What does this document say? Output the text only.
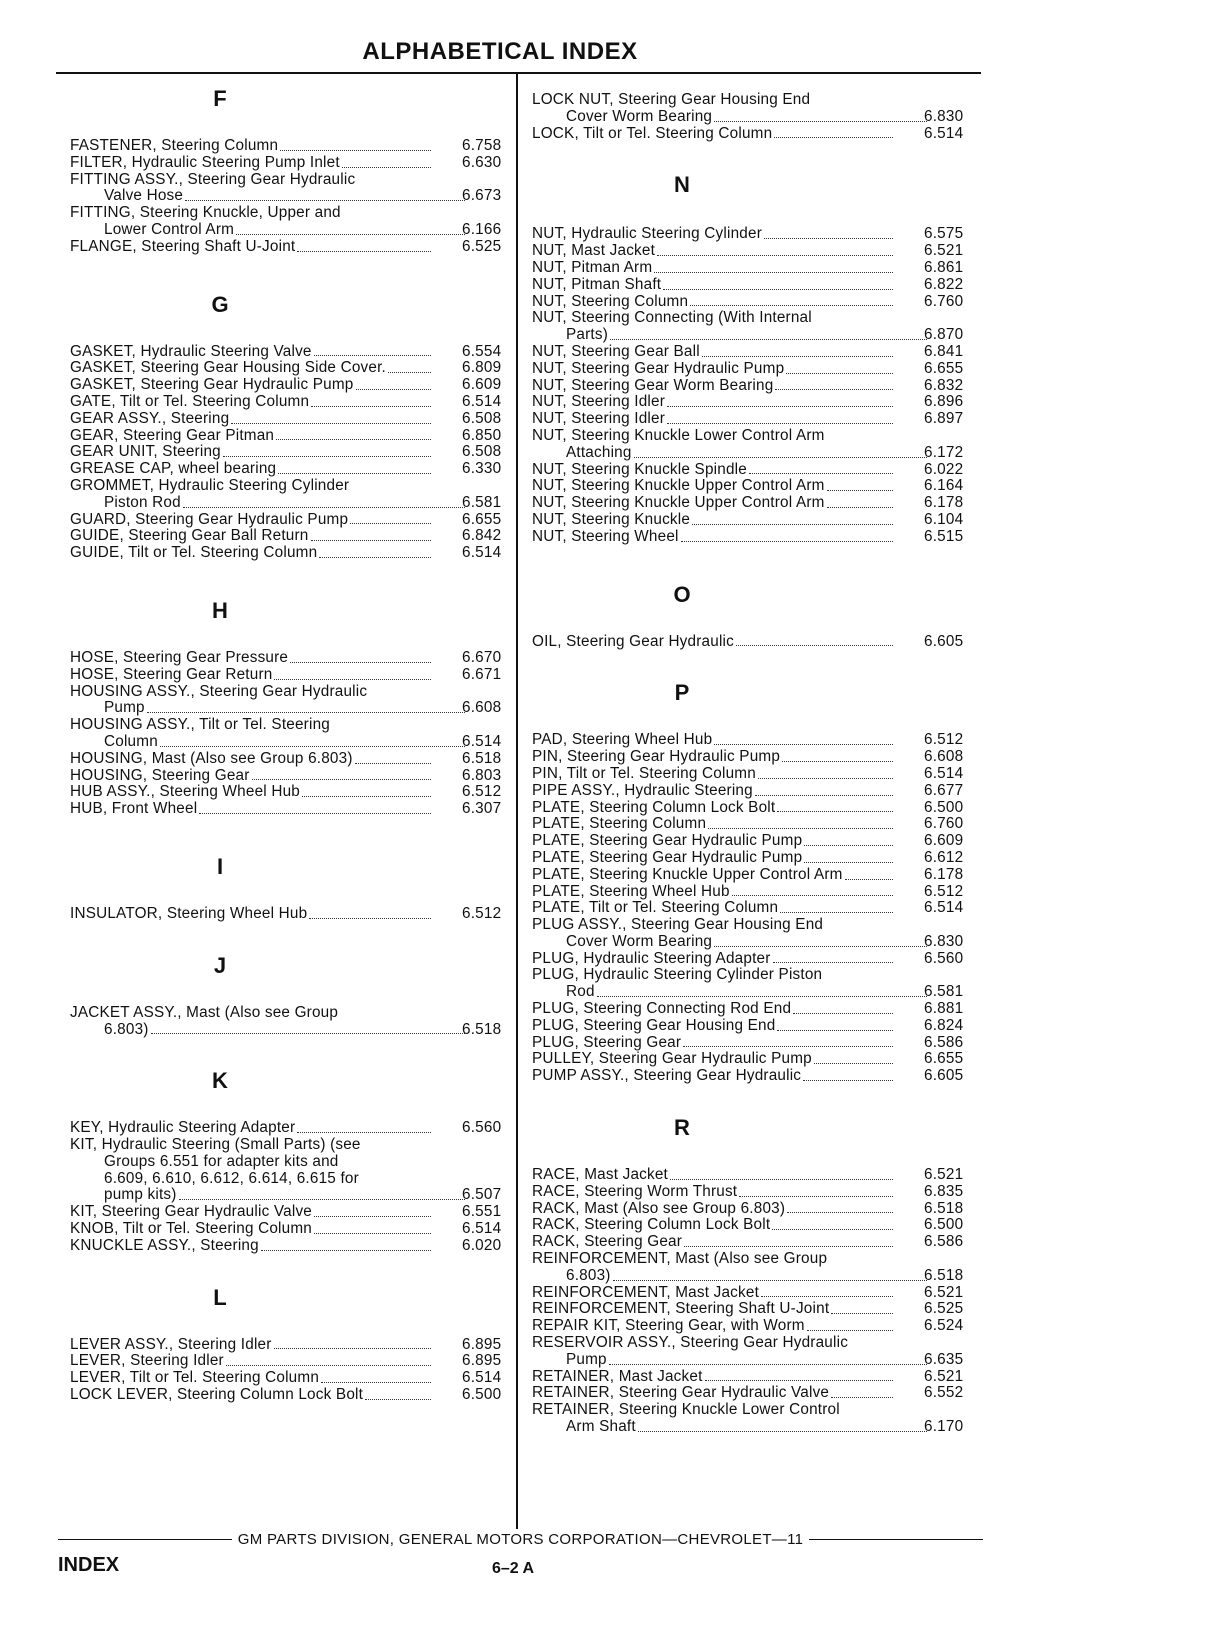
ALPHABETICAL INDEX
F
FASTENER, Steering Column	6.758
FILTER, Hydraulic Steering Pump Inlet	6.630
FITTING ASSY., Steering Gear Hydraulic
Valve Hose	6.673
FITTING, Steering Knuckle, Upper and
Lower Control Arm	6.166
FLANGE, Steering Shaft U-Joint	6.525
G
GASKET, Hydraulic Steering Valve	6.554
GASKET, Steering Gear Housing Side Cover.	6.809
GASKET, Steering Gear Hydraulic Pump	6.609
GATE, Tilt or Tel. Steering Column	6.514
GEAR ASSY., Steering	6.508
GEAR, Steering Gear Pitman	6.850
GEAR UNIT, Steering	6.508
GREASE CAP, wheel bearing	6.330
GROMMET, Hydraulic Steering Cylinder
Piston Rod	6.581
GUARD, Steering Gear Hydraulic Pump	6.655
GUIDE, Steering Gear Ball Return	6.842
GUIDE, Tilt or Tel. Steering Column	6.514
H
HOSE, Steering Gear Pressure	6.670
HOSE, Steering Gear Return	6.671
HOUSING ASSY., Steering Gear Hydraulic
Pump	6.608
HOUSING ASSY., Tilt or Tel. Steering
Column	6.514
HOUSING, Mast (Also see Group 6.803)	6.518
HOUSING, Steering Gear	6.803
HUB ASSY., Steering Wheel Hub	6.512
HUB, Front Wheel	6.307
I
INSULATOR, Steering Wheel Hub	6.512
J
JACKET ASSY., Mast (Also see Group
6.803)	6.518
K
KEY, Hydraulic Steering Adapter	6.560
KIT, Hydraulic Steering (Small Parts) (see
Groups 6.551 for adapter kits and
6.609, 6.610, 6.612, 6.614, 6.615 for
pump kits)	6.507
KIT, Steering Gear Hydraulic Valve	6.551
KNOB, Tilt or Tel. Steering Column	6.514
KNUCKLE ASSY., Steering	6.020
L
LEVER ASSY., Steering Idler	6.895
LEVER, Steering Idler	6.895
LEVER, Tilt or Tel. Steering Column	6.514
LOCK LEVER, Steering Column Lock Bolt	6.500
LOCK NUT, Steering Gear Housing End
Cover Worm Bearing	6.830
LOCK, Tilt or Tel. Steering Column	6.514
N
NUT, Hydraulic Steering Cylinder	6.575
NUT, Mast Jacket	6.521
NUT, Pitman Arm	6.861
NUT, Pitman Shaft	6.822
NUT, Steering Column	6.760
NUT, Steering Connecting (With Internal
Parts)	6.870
NUT, Steering Gear Ball	6.841
NUT, Steering Gear Hydraulic Pump	6.655
NUT, Steering Gear Worm Bearing	6.832
NUT, Steering Idler	6.896
NUT, Steering Idler	6.897
NUT, Steering Knuckle Lower Control Arm
Attaching	6.172
NUT, Steering Knuckle Spindle	6.022
NUT, Steering Knuckle Upper Control Arm	6.164
NUT, Steering Knuckle Upper Control Arm	6.178
NUT, Steering Knuckle	6.104
NUT, Steering Wheel	6.515
O
OIL, Steering Gear Hydraulic	6.605
P
PAD, Steering Wheel Hub	6.512
PIN, Steering Gear Hydraulic Pump	6.608
PIN, Tilt or Tel. Steering Column	6.514
PIPE ASSY., Hydraulic Steering	6.677
PLATE, Steering Column Lock Bolt	6.500
PLATE, Steering Column	6.760
PLATE, Steering Gear Hydraulic Pump	6.609
PLATE, Steering Gear Hydraulic Pump	6.612
PLATE, Steering Knuckle Upper Control Arm	6.178
PLATE, Steering Wheel Hub	6.512
PLATE, Tilt or Tel. Steering Column	6.514
PLUG ASSY., Steering Gear Housing End
Cover Worm Bearing	6.830
PLUG, Hydraulic Steering Adapter	6.560
PLUG, Hydraulic Steering Cylinder Piston
Rod	6.581
PLUG, Steering Connecting Rod End	6.881
PLUG, Steering Gear Housing End	6.824
PLUG, Steering Gear	6.586
PULLEY, Steering Gear Hydraulic Pump	6.655
PUMP ASSY., Steering Gear Hydraulic	6.605
R
RACE, Mast Jacket	6.521
RACE, Steering Worm Thrust	6.835
RACK, Mast (Also see Group 6.803)	6.518
RACK, Steering Column Lock Bolt	6.500
RACK, Steering Gear	6.586
REINFORCEMENT, Mast (Also see Group
6.803)	6.518
REINFORCEMENT, Mast Jacket	6.521
REINFORCEMENT, Steering Shaft U-Joint	6.525
REPAIR KIT, Steering Gear, with Worm	6.524
RESERVOIR ASSY., Steering Gear Hydraulic
Pump	6.635
RETAINER, Mast Jacket	6.521
RETAINER, Steering Gear Hydraulic Valve	6.552
RETAINER, Steering Knuckle Lower Control
Arm Shaft	6.170
GM PARTS DIVISION, GENERAL MOTORS CORPORATION—CHEVROLET—11
INDEX	6–2 A
